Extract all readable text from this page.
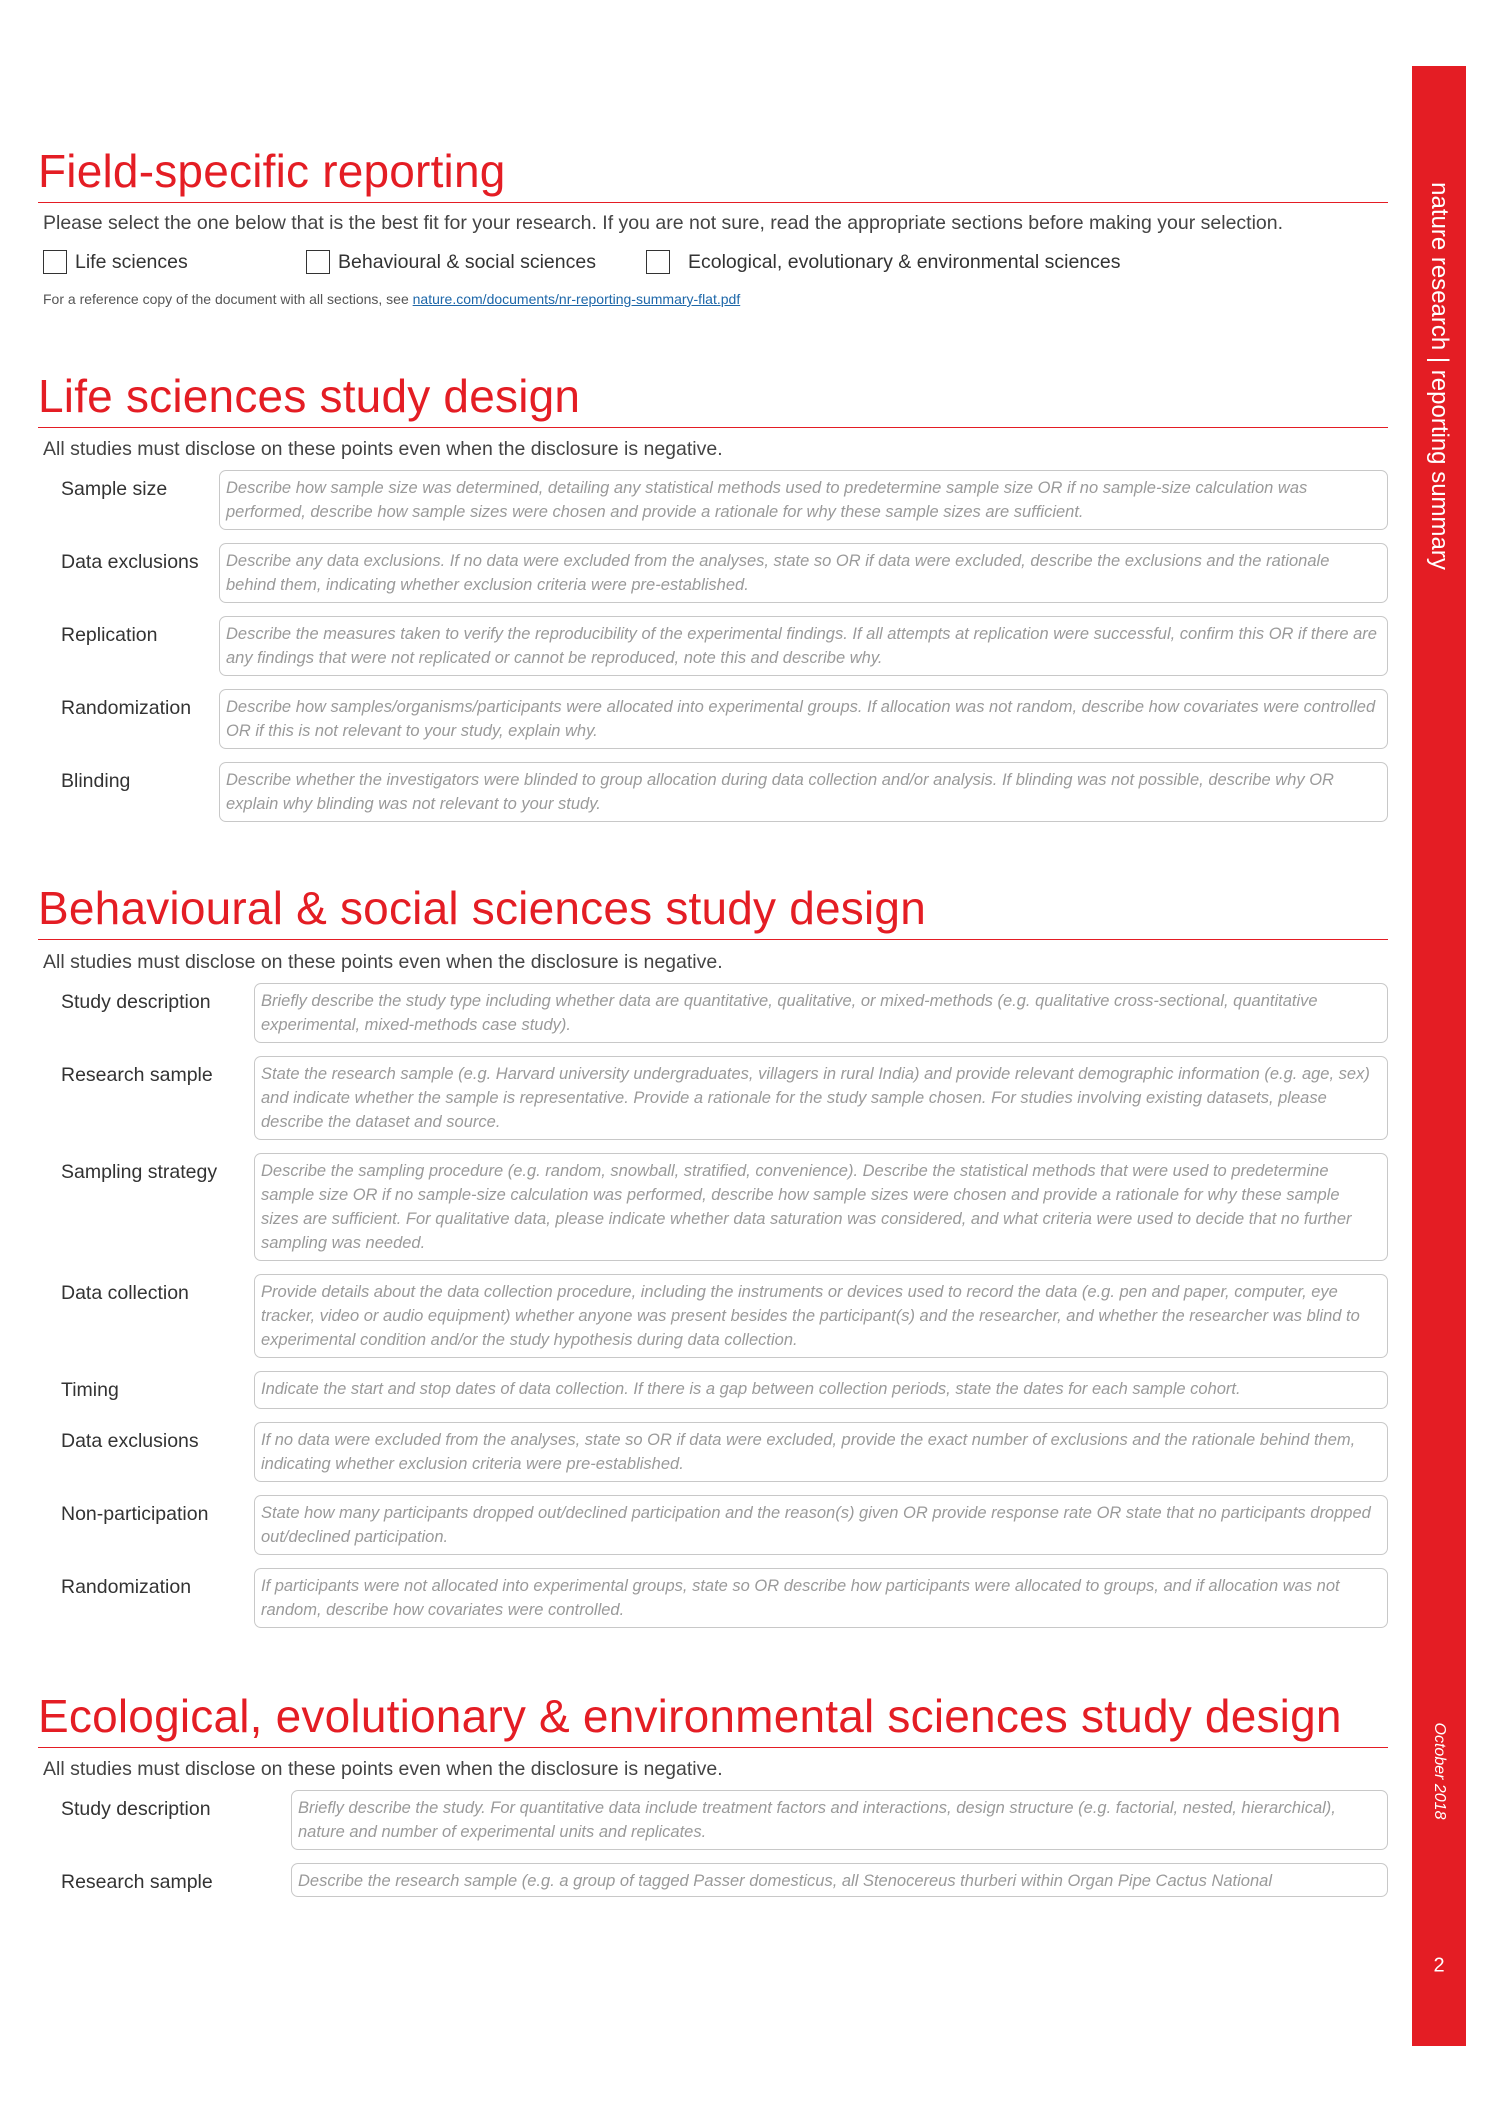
Field-specific reporting
Please select the one below that is the best fit for your research. If you are not sure, read the appropriate sections before making your selection.
Life sciences	Behavioural & social sciences	Ecological, evolutionary & environmental sciences
For a reference copy of the document with all sections, see nature.com/documents/nr-reporting-summary-flat.pdf
Life sciences study design
All studies must disclose on these points even when the disclosure is negative.
Sample size	Describe how sample size was determined, detailing any statistical methods used to predetermine sample size OR if no sample-size calculation was performed, describe how sample sizes were chosen and provide a rationale for why these sample sizes are sufficient.
Data exclusions	Describe any data exclusions. If no data were excluded from the analyses, state so OR if data were excluded, describe the exclusions and the rationale behind them, indicating whether exclusion criteria were pre-established.
Replication	Describe the measures taken to verify the reproducibility of the experimental findings. If all attempts at replication were successful, confirm this OR if there are any findings that were not replicated or cannot be reproduced, note this and describe why.
Randomization	Describe how samples/organisms/participants were allocated into experimental groups. If allocation was not random, describe how covariates were controlled OR if this is not relevant to your study, explain why.
Blinding	Describe whether the investigators were blinded to group allocation during data collection and/or analysis. If blinding was not possible, describe why OR explain why blinding was not relevant to your study.
Behavioural & social sciences study design
All studies must disclose on these points even when the disclosure is negative.
Study description	Briefly describe the study type including whether data are quantitative, qualitative, or mixed-methods (e.g. qualitative cross-sectional, quantitative experimental, mixed-methods case study).
Research sample	State the research sample (e.g. Harvard university undergraduates, villagers in rural India) and provide relevant demographic information (e.g. age, sex) and indicate whether the sample is representative. Provide a rationale for the study sample chosen. For studies involving existing datasets, please describe the dataset and source.
Sampling strategy	Describe the sampling procedure (e.g. random, snowball, stratified, convenience). Describe the statistical methods that were used to predetermine sample size OR if no sample-size calculation was performed, describe how sample sizes were chosen and provide a rationale for why these sample sizes are sufficient. For qualitative data, please indicate whether data saturation was considered, and what criteria were used to decide that no further sampling was needed.
Data collection	Provide details about the data collection procedure, including the instruments or devices used to record the data (e.g. pen and paper, computer, eye tracker, video or audio equipment) whether anyone was present besides the participant(s) and the researcher, and whether the researcher was blind to experimental condition and/or the study hypothesis during data collection.
Timing	Indicate the start and stop dates of data collection. If there is a gap between collection periods, state the dates for each sample cohort.
Data exclusions	If no data were excluded from the analyses, state so OR if data were excluded, provide the exact number of exclusions and the rationale behind them, indicating whether exclusion criteria were pre-established.
Non-participation	State how many participants dropped out/declined participation and the reason(s) given OR provide response rate OR state that no participants dropped out/declined participation.
Randomization	If participants were not allocated into experimental groups, state so OR describe how participants were allocated to groups, and if allocation was not random, describe how covariates were controlled.
Ecological, evolutionary & environmental sciences study design
All studies must disclose on these points even when the disclosure is negative.
Study description	Briefly describe the study. For quantitative data include treatment factors and interactions, design structure (e.g. factorial, nested, hierarchical), nature and number of experimental units and replicates.
Research sample	Describe the research sample (e.g. a group of tagged Passer domesticus, all Stenocereus thurberi within Organ Pipe Cactus National
nature research | reporting summary
October 2018
2
